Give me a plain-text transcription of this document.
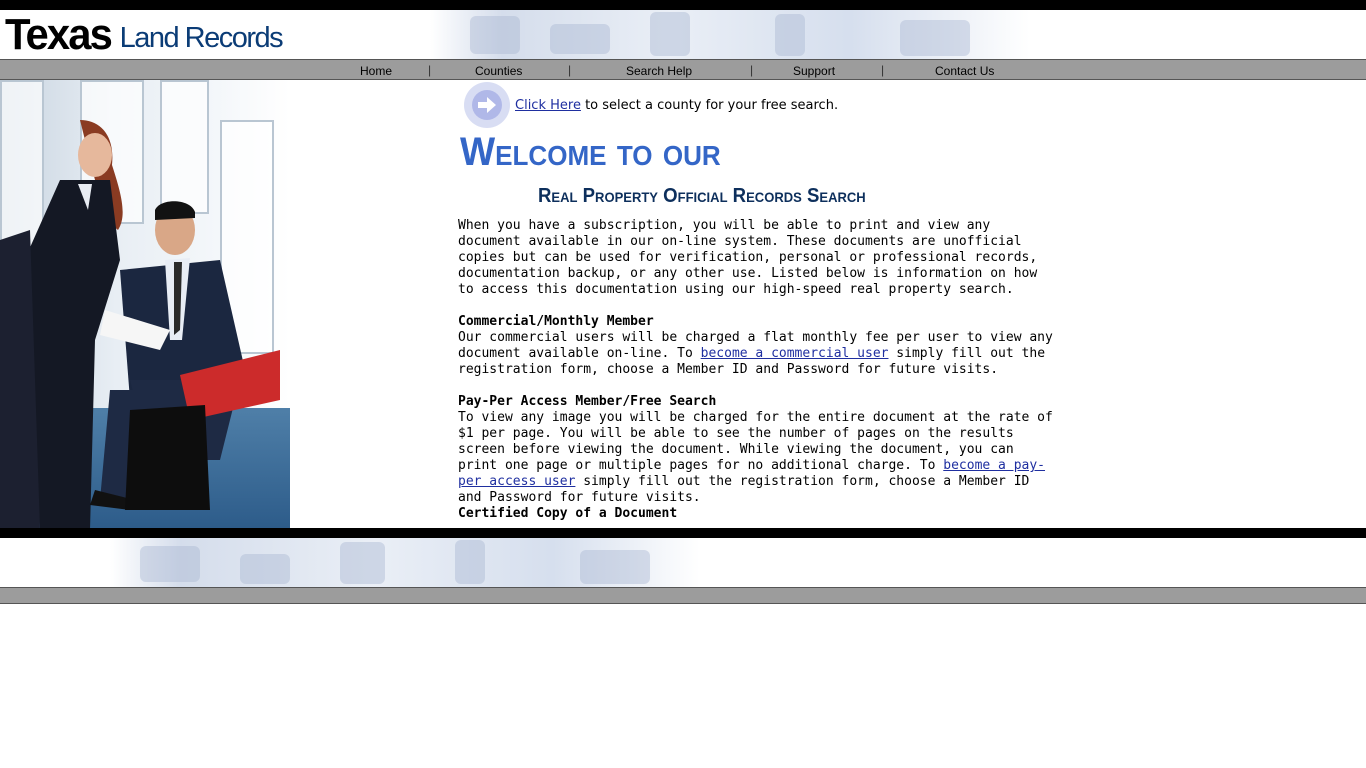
Texas Land Records
Home	|	Counties	|	Search Help	|	Support	|	Contact Us
Click Here to select a county for your free search.
Welcome to our
Real Property Official Records Search

When you have a subscription, you will be able to print and view any document available in our on-line system. These documents are unofficial copies but can be used for verification, personal or professional records, documentation backup, or any other use. Listed below is information on how to access this documentation using our high-speed real property search.

Commercial/Monthly Member
Our commercial users will be charged a flat monthly fee per user to view any document available on-line. To become a commercial user simply fill out the registration form, choose a Member ID and Password for future visits.
Pay-Per Access Member/Free Search
To view any image you will be charged for the entire document at the rate of $1 per page. You will be able to see the number of pages on the results screen before viewing the document. While viewing the document, you can print one page or multiple pages for no additional charge. To become a pay-per access user simply fill out the registration form, choose a Member ID and Password for future visits.
Certified Copy of a Document
